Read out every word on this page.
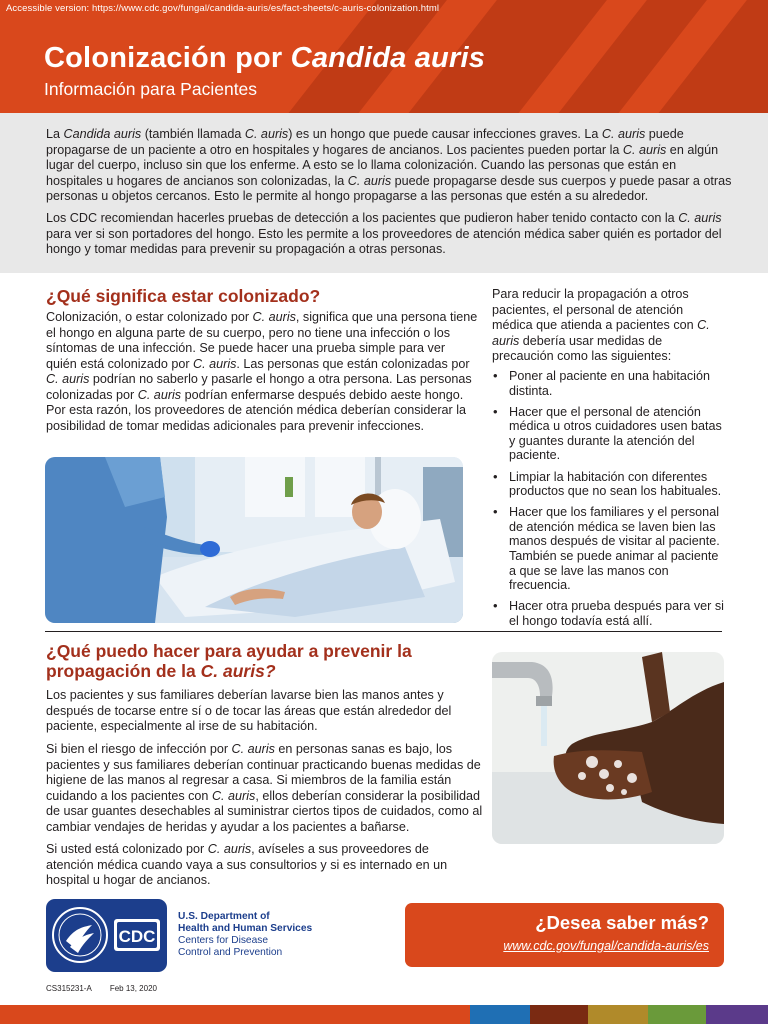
Accessible version: https://www.cdc.gov/fungal/candida-auris/es/fact-sheets/c-auris-colonization.html
Colonización por Candida auris
Información para Pacientes

La Candida auris (también llamada C. auris) es un hongo que puede causar infecciones graves. La C. auris puede propagarse de un paciente a otro en hospitales y hogares de ancianos. Los pacientes pueden portar la C. auris en algún lugar del cuerpo, incluso sin que los enferme. A esto se lo llama colonización. Cuando las personas que están en hospitales u hogares de ancianos son colonizadas, la C. auris puede propagarse desde sus cuerpos y puede pasar a otras personas u objetos cercanos. Esto le permite al hongo propagarse a las personas que estén a su alrededor.

Los CDC recomiendan hacerles pruebas de detección a los pacientes que pudieron haber tenido contacto con la C. auris para ver si son portadores del hongo. Esto les permite a los proveedores de atención médica saber quién es portador del hongo y tomar medidas para prevenir su propagación a otras personas.

¿Qué significa estar colonizado?

Colonización, o estar colonizado por C. auris, significa que una persona tiene el hongo en alguna parte de su cuerpo, pero no tiene una infección o los síntomas de una infección. Se puede hacer una prueba simple para ver quién está colonizado por C. auris. Las personas que están colonizadas por C. auris podrían no saberlo y pasarle el hongo a otra persona. Las personas colonizadas por C. auris podrían enfermarse después debido aeste hongo. Por esta razón, los proveedores de atención médica deberían considerar la posibilidad de tomar medidas adicionales para prevenir infecciones.

Para reducir la propagación a otros pacientes, el personal de atención médica que atienda a pacientes con C. auris debería usar medidas de precaución como las siguientes:

• Poner al paciente en una habitación distinta.
• Hacer que el personal de atención médica u otros cuidadores usen batas y guantes durante la atención del paciente.
• Limpiar la habitación con diferentes productos que no sean los habituales.
• Hacer que los familiares y el personal de atención médica se laven bien las manos después de visitar al paciente. También se puede animar al paciente a que se lave las manos con frecuencia.
• Hacer otra prueba después para ver si el hongo todavía está allí.
¿Qué puedo hacer para ayudar a prevenir la
propagación de la C. auris?

Los pacientes y sus familiares deberían lavarse bien las manos antes y después de tocarse entre sí o de tocar las áreas que están alrededor del paciente, especialmente al irse de su habitación.

Si bien el riesgo de infección por C. auris en personas sanas es bajo, los pacientes y sus familiares deberían continuar practicando buenas medidas de higiene de las manos al regresar a casa. Si miembros de la familia están cuidando a los pacientes con C. auris, ellos deberían considerar la posibilidad de usar guantes desechables al suministrar ciertos tipos de cuidados, como al cambiar vendajes de heridas y ayudar a los pacientes a bañarse.

Si usted está colonizado por C. auris, avíseles a sus proveedores de atención médica cuando vaya a sus consultorios y si es internado en un hospital u hogar de ancianos.

CDC
U.S. Department of
Health and Human Services
Centers for Disease
Control and Prevention
CS315231-A Feb 13, 2020
¿Desea saber más?
www.cdc.gov/fungal/candida-auris/es
